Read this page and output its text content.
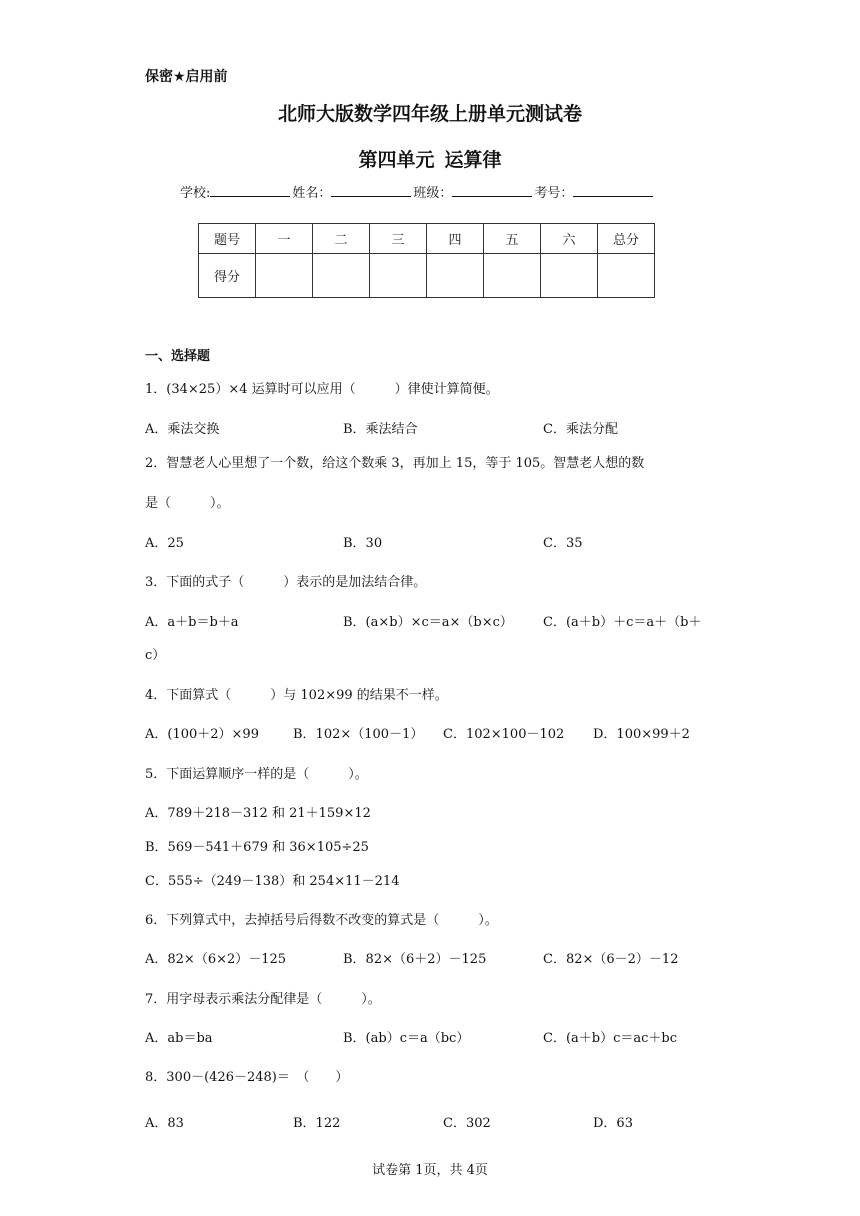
保密★启用前
北师大版数学四年级上册单元测试卷
第四单元 运算律
学校:	姓名：	班级：	考号：
题号	一	二	三	四	五	六	总分
得分							
一、选择题
1．(34×25）×4 运算时可以应用（　　　）律使计算简便。
A．乘法交换	B．乘法结合	C．乘法分配
2．智慧老人心里想了一个数，给这个数乘 3，再加上 15，等于 105。智慧老人想的数
是（　　　）。
A．25	B．30	C．35
3．下面的式子（　　　）表示的是加法结合律。
A．a＋b＝b＋a	B．(a×b）×c＝a×（b×c） C．(a＋b）＋c＝a＋（b＋
c）
4．下面算式（　　　）与 102×99 的结果不一样。
A．(100＋2）×99	B．102×（100－1） C．102×100－102 D．100×99＋2
5．下面运算顺序一样的是（　　　）。
A．789＋218－312 和 21＋159×12
B．569－541＋679 和 36×105÷25
C．555÷（249－138）和 254×11－214
6．下列算式中，去掉括号后得数不改变的算式是（　　　）。
A．82×（6×2）－125	B．82×（6＋2）－125	C．82×（6－2）－12
7．用字母表示乘法分配律是（　　　）。
A．ab＝ba	B．(ab）c＝a（bc）	C．(a＋b）c＝ac＋bc
8．300－(426－248)＝　（　　）
A．83	B．122	C．302	D．63
试卷第 1页，共 4页
